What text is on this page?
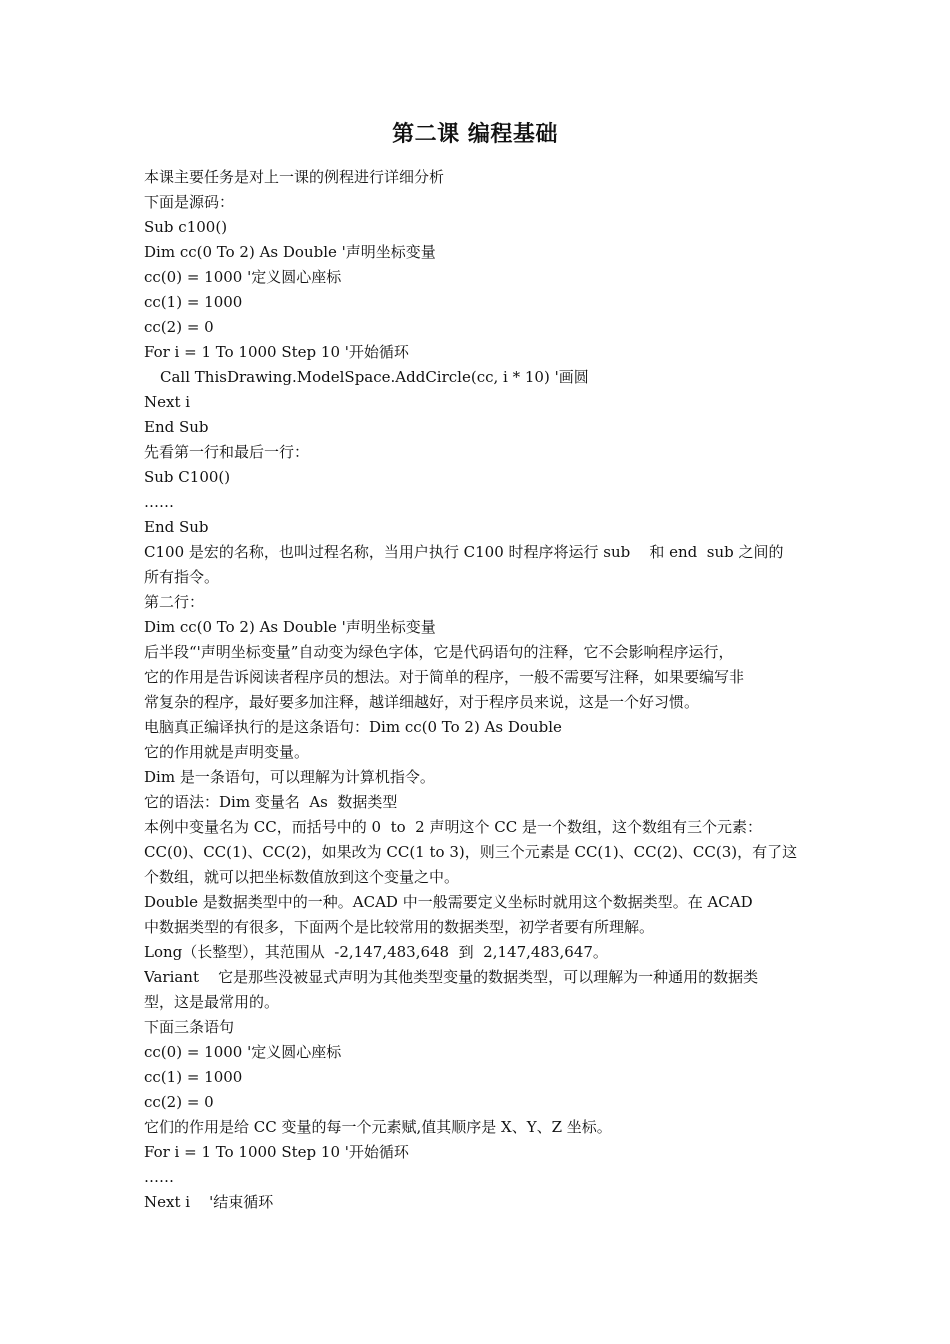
第二课 编程基础
本课主要任务是对上一课的例程进行详细分析
下面是源码：
Sub c100()
Dim cc(0 To 2) As Double '声明坐标变量
cc(0) = 1000 '定义圆心座标
cc(1) = 1000
cc(2) = 0
For i = 1 To 1000 Step 10 '开始循环
Call ThisDrawing.ModelSpace.AddCircle(cc, i * 10) '画圆
Next i
End Sub
先看第一行和最后一行：
Sub C100()
……
End Sub
C100 是宏的名称，也叫过程名称，当用户执行 C100 时程序将运行 sub    和 end  sub 之间的
所有指令。
第二行：
Dim cc(0 To 2) As Double '声明坐标变量
后半段“'声明坐标变量”自动变为绿色字体，它是代码语句的注释，它不会影响程序运行，
它的作用是告诉阅读者程序员的想法。对于简单的程序，一般不需要写注释，如果要编写非
常复杂的程序，最好要多加注释，越详细越好，对于程序员来说，这是一个好习惯。
电脑真正编译执行的是这条语句：Dim cc(0 To 2) As Double
它的作用就是声明变量。
Dim 是一条语句，可以理解为计算机指令。
它的语法：Dim 变量名  As  数据类型
本例中变量名为 CC，而括号中的 0  to  2 声明这个 CC 是一个数组，这个数组有三个元素：
CC(0)、CC(1)、CC(2)，如果改为 CC(1 to 3)，则三个元素是 CC(1)、CC(2)、CC(3)，有了这
个数组，就可以把坐标数值放到这个变量之中。
Double 是数据类型中的一种。ACAD 中一般需要定义坐标时就用这个数据类型。在 ACAD
中数据类型的有很多，下面两个是比较常用的数据类型，初学者要有所理解。
Long（长整型），其范围从  -2,147,483,648  到  2,147,483,647。
Variant    它是那些没被显式声明为其他类型变量的数据类型，可以理解为一种通用的数据类
型，这是最常用的。
下面三条语句
cc(0) = 1000 '定义圆心座标
cc(1) = 1000
cc(2) = 0
它们的作用是给 CC 变量的每一个元素赋,值其顺序是 X、Y、Z 坐标。
For i = 1 To 1000 Step 10 '开始循环
……
Next i    '结束循环
